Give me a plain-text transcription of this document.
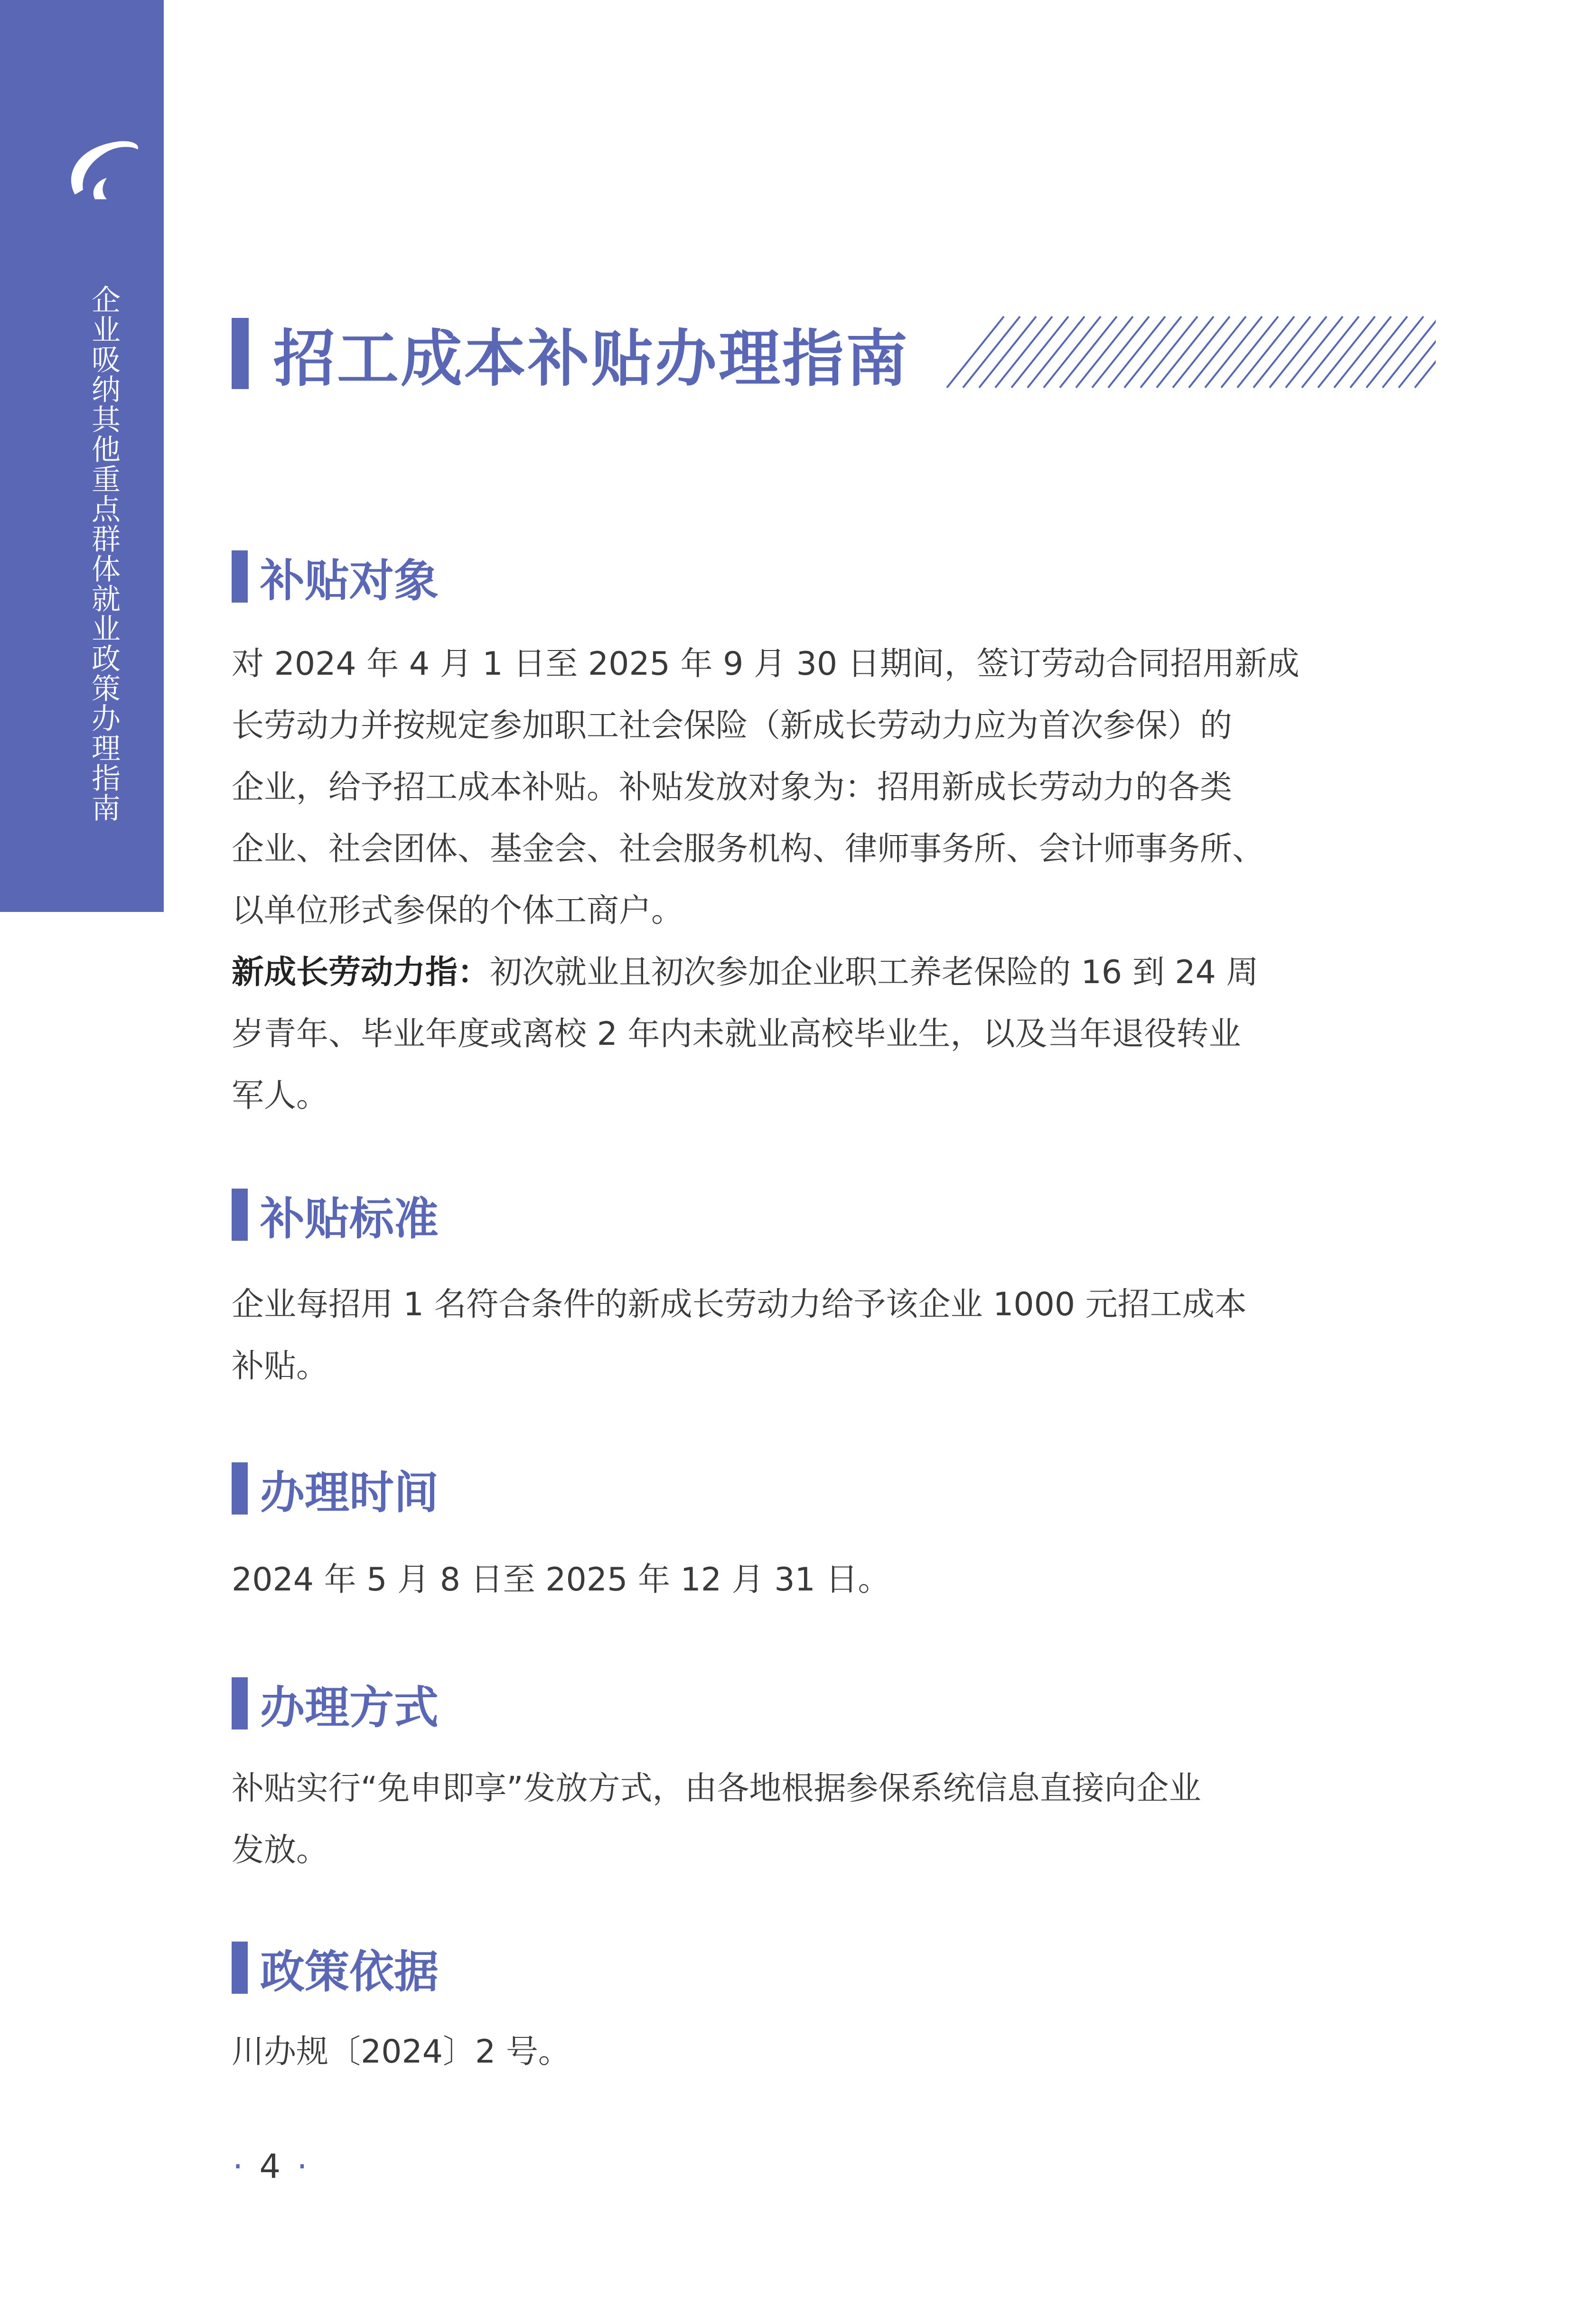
企业吸纳其他重点群体就业政策办理指南 招工成本补贴办理指南
补贴对象
对 2024 年 4 月 1 日至 2025 年 9 月 30 日期间，签订劳动合同招用新成
长劳动力并按规定参加职工社会保险（新成长劳动力应为首次参保）的
企业，给予招工成本补贴。补贴发放对象为：招用新成长劳动力的各类
企业、社会团体、基金会、社会服务机构、律师事务所、会计师事务所、
以单位形式参保的个体工商户。
新成长劳动力指：初次就业且初次参加企业职工养老保险的 16 到 24 周
岁青年、毕业年度或离校 2 年内未就业高校毕业生，以及当年退役转业
军人。
补贴标准
企业每招用 1 名符合条件的新成长劳动力给予该企业 1000 元招工成本
补贴。
办理时间
2024 年 5 月 8 日至 2025 年 12 月 31 日。
办理方式
补贴实行“免申即享”发放方式，由各地根据参保系统信息直接向企业
发放。
政策依据
川办规〔2024〕2 号。
· 4 ·
